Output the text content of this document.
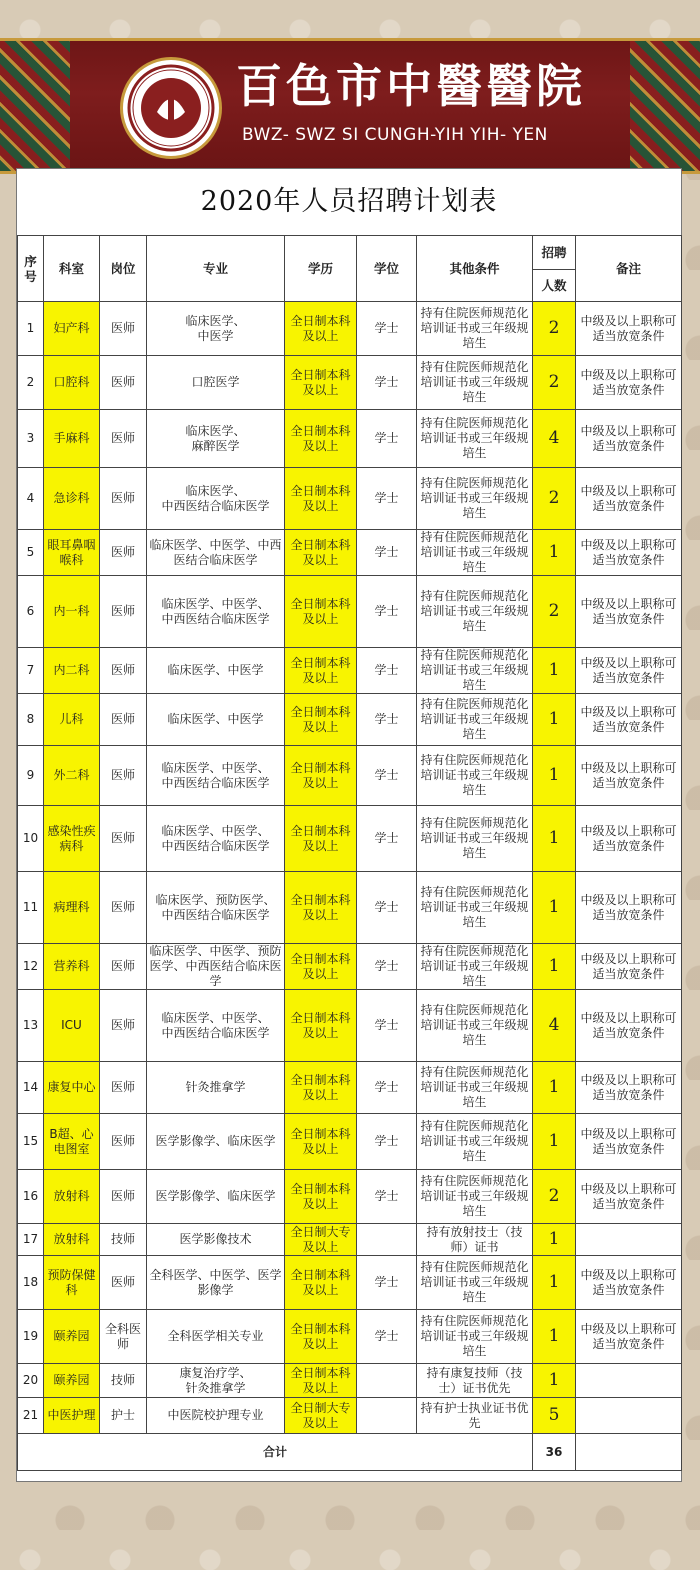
百色市中醫醫院
BWZ- SWZ SI CUNGH-YIH YIH- YEN
2020年人员招聘计划表
序号	科室	岗位	专业	学历	学位	其他条件	招聘	备注
							人数	
1	妇产科	医师	临床医学、
中医学	全日制本科及以上	学士	持有住院医师规范化培训证书或三年级规培生	2	中级及以上职称可适当放宽条件
2	口腔科	医师	口腔医学	全日制本科及以上	学士	持有住院医师规范化培训证书或三年级规培生	2	中级及以上职称可适当放宽条件
3	手麻科	医师	临床医学、
麻醉医学	全日制本科及以上	学士	持有住院医师规范化培训证书或三年级规培生	4	中级及以上职称可适当放宽条件
4	急诊科	医师	临床医学、
中西医结合临床医学	全日制本科及以上	学士	持有住院医师规范化培训证书或三年级规培生	2	中级及以上职称可适当放宽条件
5	眼耳鼻咽喉科	医师	临床医学、中医学、中西医结合临床医学	全日制本科及以上	学士	持有住院医师规范化培训证书或三年级规培生	1	中级及以上职称可适当放宽条件
6	内一科	医师	临床医学、中医学、
中西医结合临床医学	全日制本科及以上	学士	持有住院医师规范化培训证书或三年级规培生	2	中级及以上职称可适当放宽条件
7	内二科	医师	临床医学、中医学	全日制本科及以上	学士	持有住院医师规范化培训证书或三年级规培生	1	中级及以上职称可适当放宽条件
8	儿科	医师	临床医学、中医学	全日制本科及以上	学士	持有住院医师规范化培训证书或三年级规培生	1	中级及以上职称可适当放宽条件
9	外二科	医师	临床医学、中医学、
中西医结合临床医学	全日制本科及以上	学士	持有住院医师规范化培训证书或三年级规培生	1	中级及以上职称可适当放宽条件
10	感染性疾病科	医师	临床医学、中医学、
中西医结合临床医学	全日制本科及以上	学士	持有住院医师规范化培训证书或三年级规培生	1	中级及以上职称可适当放宽条件
11	病理科	医师	临床医学、预防医学、
中西医结合临床医学	全日制本科及以上	学士	持有住院医师规范化培训证书或三年级规培生	1	中级及以上职称可适当放宽条件
12	营养科	医师	临床医学、中医学、预防医学、中西医结合临床医学	全日制本科及以上	学士	持有住院医师规范化培训证书或三年级规培生	1	中级及以上职称可适当放宽条件
13	ICU	医师	临床医学、中医学、
中西医结合临床医学	全日制本科及以上	学士	持有住院医师规范化培训证书或三年级规培生	4	中级及以上职称可适当放宽条件
14	康复中心	医师	针灸推拿学	全日制本科及以上	学士	持有住院医师规范化培训证书或三年级规培生	1	中级及以上职称可适当放宽条件
15	B超、心电图室	医师	医学影像学、临床医学	全日制本科及以上	学士	持有住院医师规范化培训证书或三年级规培生	1	中级及以上职称可适当放宽条件
16	放射科	医师	医学影像学、临床医学	全日制本科及以上	学士	持有住院医师规范化培训证书或三年级规培生	2	中级及以上职称可适当放宽条件
17	放射科	技师	医学影像技术	全日制大专及以上		持有放射技士（技师）证书	1	
18	预防保健科	医师	全科医学、中医学、医学影像学	全日制本科及以上	学士	持有住院医师规范化培训证书或三年级规培生	1	中级及以上职称可适当放宽条件
19	颐养园	全科医师	全科医学相关专业	全日制本科及以上	学士	持有住院医师规范化培训证书或三年级规培生	1	中级及以上职称可适当放宽条件
20	颐养园	技师	康复治疗学、
针灸推拿学	全日制本科及以上		持有康复技师（技士）证书优先	1	
21	中医护理	护士	中医院校护理专业	全日制大专及以上		持有护士执业证书优先	5	
合计							36	
